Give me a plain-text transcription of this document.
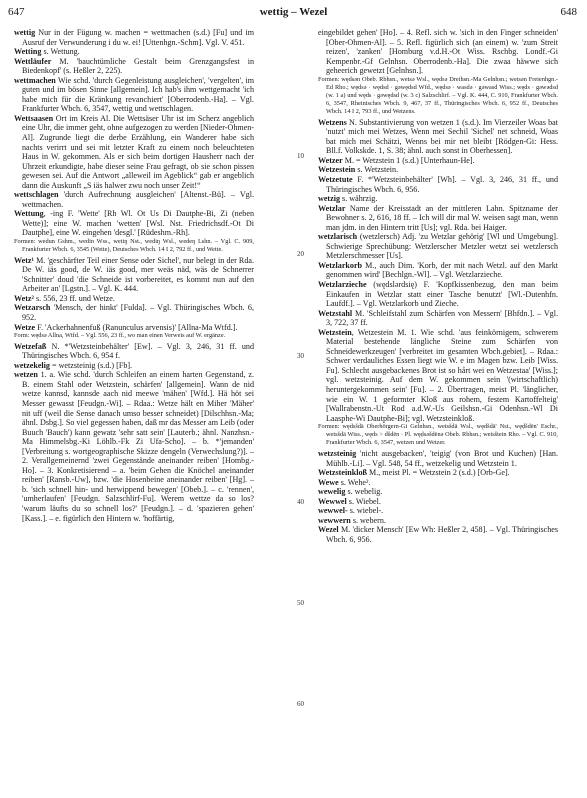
647	wettig – Wezel	648

wettig Nur in der Fügung w. machen = wettmachen (s.d.) [Fu] und im Ausruf der Verwunderung i du w. ei! [Uttenhgn.-Schm]. Vgl. V. 451.

Wetting s. Wettung.

Wettläufer M. 'bauchtümliche Gestalt beim Grenzgangsfest in Biedenkopf' (s. Heßler 2, 225).

wettmachen Wie schd. 'durch Gegenleistung ausgleichen', 'vergelten', im guten und im bösen Sinne [allgemein]. Ich hab's ihm wettgemacht 'ich habe mich für die Kränkung revanchiert' [Oberrodenb.-Ha]. – Vgl. Frankfurter Wbch. 6, 3547, wettig und wettschlagen.

Wettsaasen Ort im Kreis Al. Die Wettsäser Uhr ist im Scherz angeblich eine Uhr, die immer geht, ohne aufgezogen zu werden [Nieder-Ohmen-Al]. Zugrunde liegt die derbe Erzählung, ein Wanderer habe sich nachts verirrt und sei mit letzter Kraft zu einem noch beleuchteten Haus in W. gekommen. Als er sich beim dortigen Hausherr nach der Uhrzeit erkundigte, habe dieser seine Frau gefragt, ob sie schon pissen gewesen sei. Auf die Antwort „alleweil im Ageblick“ gab er angeblich dann die Auskunft „S iäs halwer zwu noch unser Zeit!“

wettschlagen 'durch Aufrechnung ausgleichen' [Altenst.-Bü]. – Vgl. wettmachen.

Wettung, -ing F. 'Wette' [Rh Wl. Ot Us Di Dautphe-Bi, Zi (neben Wette)]; eine W. machen 'wetten' [Wsl. Nst. Friedrichsdf.-Ot Di Dautphe], eine W. eingehen 'desgl.' [Rüdeshm.-Rh].

Formen: wedun Gshm., wedin Wss., wetiŋ Nst., wediŋ Wsl., wedeŋ Lshn. – Vgl. C. 909, Frankfurter Wbch. 6, 3545 (Wette), Deutsches Wbch. 14 I 2, 792 ff., und Wette.

Wetz¹ M. 'geschärfter Teil einer Sense oder Sichel', nur belegt in der Rda. De W. iäs good, de W. iäs good, mer weäs näd, wäs de Schnerrer 'Schnitter' doud 'die Schneide ist vorbereitet, es kommt nun auf den Arbeiter an' [Lgstn.]. – Vgl. K. 444.

Wetz² s. 556, 23 ff. und Wetze.

Wetzarsch 'Mensch, der hinkt' [Fulda]. – Vgl. Thüringisches Wbch. 6, 952.

Wetze F. 'Ackerhahnenfuß (Ranunculus arvensis)' [Allna-Ma Wtfd.].

Form: wędsə Allna, Wtfd. – Vgl. 556, 23 ff., wo man einen Verweis auf W. ergänze.

Wetzefaß N. *'Wetzsteinbehälter' [Ew]. – Vgl. 3, 246, 31 ff. und Thüringisches Wbch. 6, 954 f.

wetzekelig = wetzsteinig (s.d.) [Fb].

wetzen 1. a. Wie schd. 'durch Schleifen an einem harten Gegenstand, z. B. einem Stahl oder Wetzstein, schärfen' [allgemein]. Wann de nid wetze kannsd, kannsde aach nid meewe 'mähen' [Wfd.]. Hä höt sei Messer gewasst [Feudgn.-Wi]. – Rdaa.: Wetze hält en Miher 'Mäher' nit uff (weil die Sense danach umso besser schneidet) [Dilschhsn.-Ma; ähnl. Dsbg.]. So viel gegessen haben, daß mr das Messer am Leib (oder Buuch 'Bauch') kann gewatz 'sehr satt sein' [Lauterb.; ähnl. Nanzhsn.-Ma Himmelsbg.-Ki Löhlb.-Fk Zi Ufa-Scho]. – b. *'jemanden' [Verbreitung s. wortgeographische Skizze dengeln (Verwechslung?)]. – 2. Verallgemeinernd 'zwei Gegenstände aneinander reiben' [Hombg.-Ho]. – 3. Konkretisierend – a. 'beim Gehen die Knöchel aneinander reiben' [Ransb.-Uw], bzw. 'die Hosenbeine aneinander reiben' [Hg]. – b. 'sich schnell hin- und herwippend bewegen' [Obeb.]. – c. 'rennen', 'umherlaufen' [Feudgn. Salzschlirf-Fu]. Werem wettze da so los? 'warum läufts du so schnell los?' [Feudgn.]. – d. 'spazieren gehen' [Kass.]. – e. figürlich den Hintern w. 'hoffärtig,

eingebildet gehen' [Ho]. – 4. Refl. sich w. 'sich in den Finger schneiden' [Ober-Ohmen-Al]. – 5. Refl. figürlich sich (an einem) w. 'zum Streit reizen', 'zanken' [Homburg v.d.H.-Ot Wiss. Rschbg. Londf.-Gi Kempenbr.-Gf Gelnhsn. Oberrodenb.-Ha]. Die zwaa häwwe sich geheerich gewetzt [Gelnhsn.].

Formen: wędsən Obeb. Rbhsn., wetsə Wsl., wędsə Dreihsn.-Ma Gelnhsn.; wetsən Freienhgn.-Ed Rho.; wędsə · wędsd · gəwędsd Wfd., wędsə · wasdə · gəwasd Wiss.; węds · gəwədsd (w. 1 a) und węds · gəwędsd (w. 3 c) Salzschlirf. – Vgl. K. 444, C. 910, Frankfurter Wbch. 6, 3547, Rheinisches Wbch. 9, 467, 37 ff., Thüringisches Wbch. 6, 952 ff., Deutsches Wbch. 14 I 2, 793 ff., und Wetzens.

Wetzens N. Substantivierung von wetzen 1 (s.d.). Im Vierzeiler Woas bat 'nutzt' mich mei Wetzes, Wenn mei Sechil 'Sichel' net schneid, Woas bat mich mei Schätzi, Wenns bei mir net bleibt [Rödgen-Gi: Hess. Bll.f. Volkskde. 1, S. 38; ähnl. auch sonst in Oberhessen].

Wetzer M. = Wetzstein 1 (s.d.) [Unterhaun-He].

Wetzestein s. Wetzstein.

Wetzetute F. *'Wetzsteinbehälter' [Wh]. – Vgl. 3, 246, 31 ff., und Thüringisches Wbch. 6, 956.

wetzig s. währzig.

Wetzlar Name der Kreisstadt an der mittleren Lahn. Spitzname der Bewohner s. 2, 616, 18 ff. – Ich will dir mal W. weisen sagt man, wenn man jdm. in den Hintern tritt [Us]; vgl. Rda. bei Haiger.

wetzlarisch (wetzlersch) Adj. 'zu Wetzlar gehörig' [Wl und Umgebung]. Schwierige Sprechübung: Wetzlerscher Metzler wetzt sei wetzlersch Metzlerschmesser [Us].

Wetzlarkorb M., auch Dim. 'Korb, der mit nach Wetzl. auf den Markt genommen wird' [Bechlgn.-Wl]. – Vgl. Wetzlarzieche.

Wetzlarzieche (wędslərdsię) F. 'Kopfkissenbezug, den man beim Einkaufen in Wetzlar statt einer Tasche benutzt' [Wl.-Dutenhfn. Laufdf.]. – Vgl. Wetzlarkorb und Zieche.

Wetzstahl M. 'Schleifstahl zum Schärfen von Messern' [Bhfdn.]. – Vgl. 3, 722, 37 ff.

Wetzstein, Wetzestein M. 1. Wie schd. 'aus feinkörnigem, schwerem Material bestehende längliche Steine zum Schärfen von Schneidewerkzeugen' [verbreitet im gesamten Wbch.gebiet]. – Rdaa.: Schwer verdauliches Essen liegt wie W. e im Magen bzw. Leib [Wiss. Fu]. Schlecht ausgebackenes Brot ist so hårt wei en Wetzestaa' [Wiss.]; vgl. wetzsteinig. Auf dem W. gekommen sein '(wirtschaftlich) heruntergekommen sein' [Fu]. – 2. Übertragen, meist Pl. 'länglicher, wie ein W. 1 geformter Kloß aus rohem, festem Kartoffelteig' [Wallrabenstn.-Ut Rod a.d.W.-Us Geilshsn.-Gi Odenhsn.-Wl Di Laasphe-Wi Dautphe-Bi]; vgl. Wetzsteinkloß.

Formen: wędsšdä Oberhörgern-Gi Gelnhsn., wetsšdä Wsl., wędšdä' Nst., węḍšdēn' Eschr., wetsšdā Wiss., węds > dšdēn · Pl. węḍsəšdēnə Obeb. Rbhsn.; wetsštein Rho. – Vgl. C. 910, Frankfurter Wbch. 6, 3547, wetzen und Wetzer.

wetzsteinig 'nicht ausgebacken', 'teigig' (von Brot und Kuchen) [Han. Mühlb.-Li]. – Vgl. 548, 54 ff., wetzekelig und Wetzstein 1.

Wetzsteinkloß M., meist Pl. = Wetzstein 2 (s.d.) [Orb-Ge].

Wewe s. Wehe².

wewelig s. webelig.

Wewwel s. Wiebel.

wewwel- s. wiebel-.

wewwern s. webern.

Wezel M. 'dicker Mensch' [Ew Wh: Heßler 2, 458]. – Vgl. Thüringisches Wbch. 6, 956.

10
20
30
40
50
60
